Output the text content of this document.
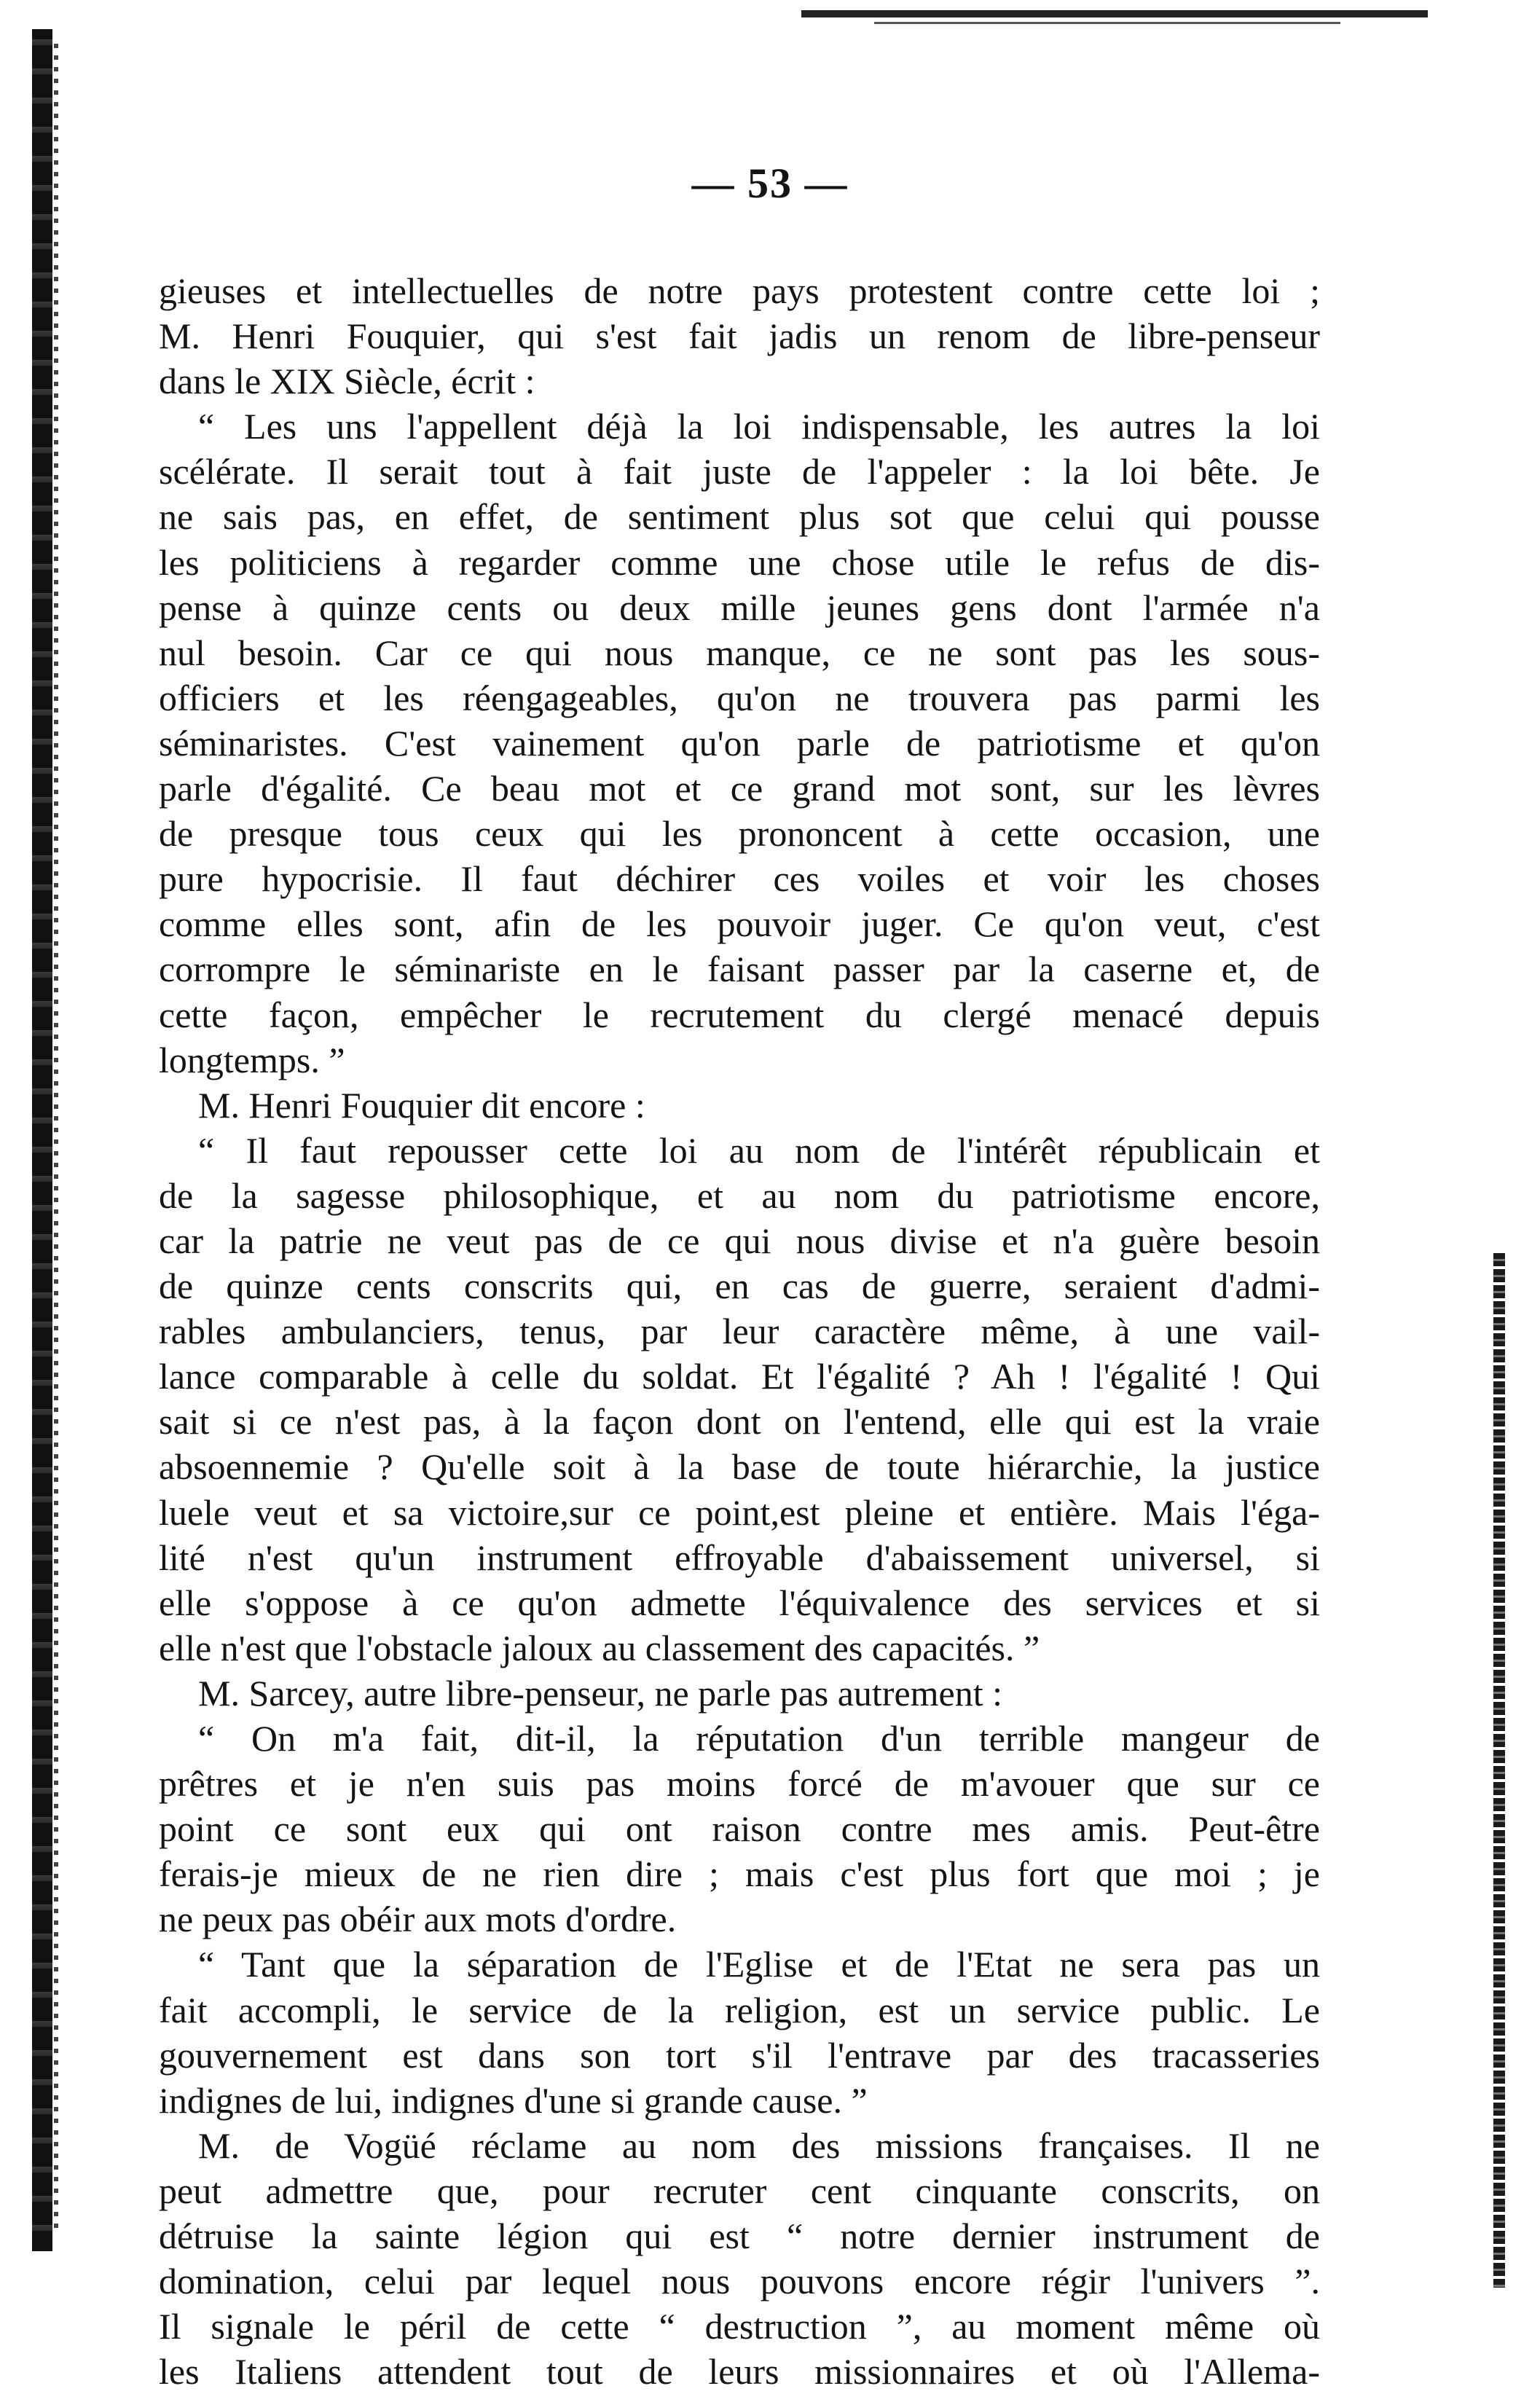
— 53 —
gieuses et intellectuelles de notre pays protestent contre cette loi ;
M. Henri Fouquier, qui s'est fait jadis un renom de libre-penseur
dans le XIX Siècle, écrit :
“ Les uns l'appellent déjà la loi indispensable, les autres la loi
scélérate. Il serait tout à fait juste de l'appeler : la loi bête. Je
ne sais pas, en effet, de sentiment plus sot que celui qui pousse
les politiciens à regarder comme une chose utile le refus de dis-
pense à quinze cents ou deux mille jeunes gens dont l'armée n'a
nul besoin. Car ce qui nous manque, ce ne sont pas les sous-
officiers et les réengageables, qu'on ne trouvera pas parmi les
séminaristes. C'est vainement qu'on parle de patriotisme et qu'on
parle d'égalité. Ce beau mot et ce grand mot sont, sur les lèvres
de presque tous ceux qui les prononcent à cette occasion, une
pure hypocrisie. Il faut déchirer ces voiles et voir les choses
comme elles sont, afin de les pouvoir juger. Ce qu'on veut, c'est
corrompre le séminariste en le faisant passer par la caserne et, de
cette façon, empêcher le recrutement du clergé menacé depuis
longtemps. ”
M. Henri Fouquier dit encore :
“ Il faut repousser cette loi au nom de l'intérêt républicain et
de la sagesse philosophique, et au nom du patriotisme encore,
car la patrie ne veut pas de ce qui nous divise et n'a guère besoin
de quinze cents conscrits qui, en cas de guerre, seraient d'admi-
rables ambulanciers, tenus, par leur caractère même, à une vail-
lance comparable à celle du soldat. Et l'égalité ? Ah ! l'égalité ! Qui
sait si ce n'est pas, à la façon dont on l'entend, elle qui est la vraie
absoennemie ? Qu'elle soit à la base de toute hiérarchie, la justice
luele veut et sa victoire,sur ce point,est pleine et entière. Mais l'éga-
lité n'est qu'un instrument effroyable d'abaissement universel, si
elle s'oppose à ce qu'on admette l'équivalence des services et si
elle n'est que l'obstacle jaloux au classement des capacités. ”
M. Sarcey, autre libre-penseur, ne parle pas autrement :
“ On m'a fait, dit-il, la réputation d'un terrible mangeur de
prêtres et je n'en suis pas moins forcé de m'avouer que sur ce
point ce sont eux qui ont raison contre mes amis. Peut-être
ferais-je mieux de ne rien dire ; mais c'est plus fort que moi ; je
ne peux pas obéir aux mots d'ordre.
“ Tant que la séparation de l'Eglise et de l'Etat ne sera pas un
fait accompli, le service de la religion, est un service public. Le
gouvernement est dans son tort s'il l'entrave par des tracasseries
indignes de lui, indignes d'une si grande cause. ”
M. de Vogüé réclame au nom des missions françaises. Il ne
peut admettre que, pour recruter cent cinquante conscrits, on
détruise la sainte légion qui est “ notre dernier instrument de
domination, celui par lequel nous pouvons encore régir l'univers ”.
Il signale le péril de cette “ destruction ”, au moment même où
les Italiens attendent tout de leurs missionnaires et où l'Allema-
